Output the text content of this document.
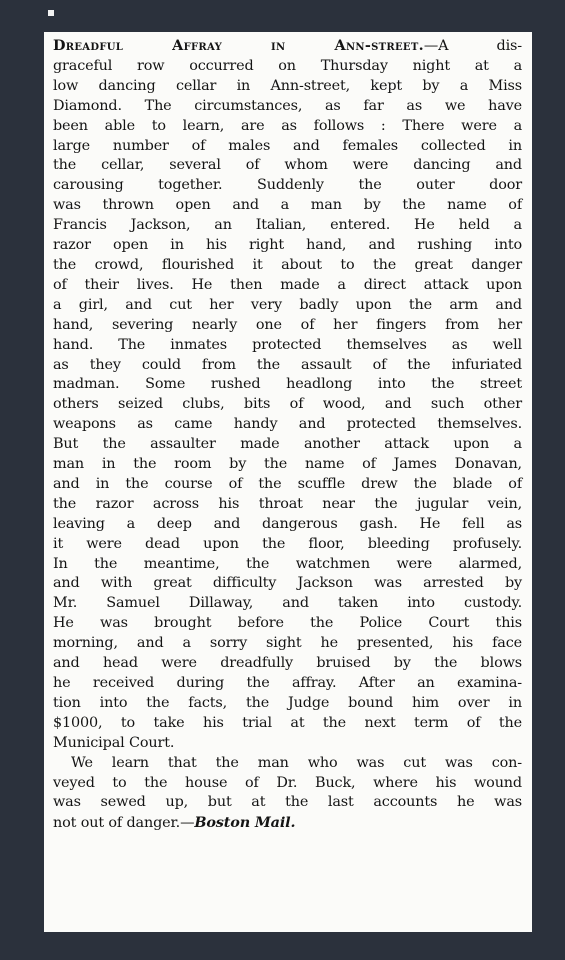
Dreadful Affray in Ann-street.—A dis-
graceful row occurred on Thursday night at a
low dancing cellar in Ann-street, kept by a Miss
Diamond. The circumstances, as far as we have
been able to learn, are as follows : There were a
large number of males and females collected in
the cellar, several of whom were dancing and
carousing together. Suddenly the outer door
was thrown open and a man by the name of
Francis Jackson, an Italian, entered. He held a
razor open in his right hand, and rushing into
the crowd, flourished it about to the great danger
of their lives. He then made a direct attack upon
a girl, and cut her very badly upon the arm and
hand, severing nearly one of her fingers from her
hand. The inmates protected themselves as well
as they could from the assault of the infuriated
madman. Some rushed headlong into the street
others seized clubs, bits of wood, and such other
weapons as came handy and protected themselves.
But the assaulter made another attack upon a
man in the room by the name of James Donavan,
and in the course of the scuffle drew the blade of
the razor across his throat near the jugular vein,
leaving a deep and dangerous gash. He fell as
it were dead upon the floor, bleeding profusely.
In the meantime, the watchmen were alarmed,
and with great difficulty Jackson was arrested by
Mr. Samuel Dillaway, and taken into custody.
He was brought before the Police Court this
morning, and a sorry sight he presented, his face
and head were dreadfully bruised by the blows
he received during the affray. After an examina-
tion into the facts, the Judge bound him over in
$1000, to take his trial at the next term of the
Municipal Court.
We learn that the man who was cut was con-
veyed to the house of Dr. Buck, where his wound
was sewed up, but at the last accounts he was
not out of danger.—Boston Mail.
